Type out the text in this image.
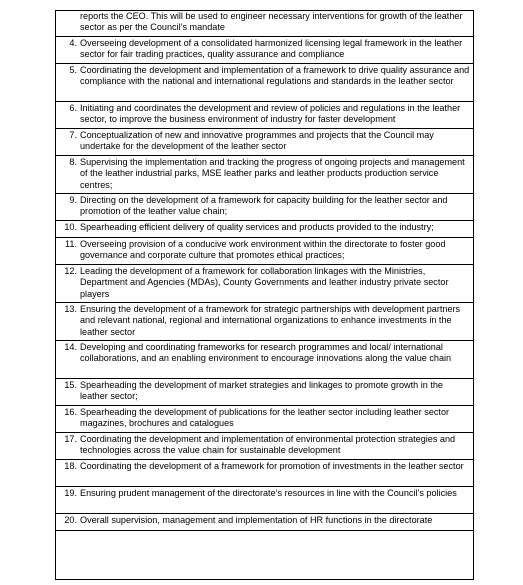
reports the CEO. This will be used to engineer necessary interventions for growth of the leather sector as per the Council’s mandate
4. Overseeing development of a consolidated harmonized licensing legal framework in the leather sector for fair trading practices, quality assurance and compliance
5. Coordinating the development and implementation of a framework to drive quality assurance and compliance with the national and international regulations and standards in the leather sector
6. Initiating and coordinates the development and review of policies and regulations in the leather sector, to improve the business environment of industry for faster development
7. Conceptualization of new and innovative programmes and projects that the Council may undertake for the development of the leather sector
8. Supervising the implementation and tracking the progress of ongoing projects and management of the leather industrial parks, MSE leather parks and leather products production service centres;
9. Directing on the development of a framework for capacity building for the leather sector and promotion of the leather value chain;
10. Spearheading efficient delivery of quality services and products provided to the industry;
11. Overseeing provision of a conducive work environment within the directorate to foster good governance and corporate culture that promotes ethical practices;
12. Leading the development of a framework for collaboration linkages with the Ministries, Department and Agencies (MDAs), County Governments and leather industry private sector players
13. Ensuring the development of a framework for strategic partnerships with development partners and relevant national, regional and international organizations to enhance investments in the leather sector
14. Developing and coordinating frameworks for research programmes and local/ international collaborations, and an enabling environment to encourage innovations along the value chain
15. Spearheading the development of market strategies and linkages to promote growth in the leather sector;
16. Spearheading the development of publications for the leather sector including leather sector magazines, brochures and catalogues
17. Coordinating the development and implementation of environmental protection strategies and technologies across the value chain for sustainable development
18. Coordinating the development of a framework for promotion of investments in the leather sector
19. Ensuring prudent management of the directorate’s resources in line with the Council’s policies
20. Overall supervision, management and implementation of HR functions in the directorate
